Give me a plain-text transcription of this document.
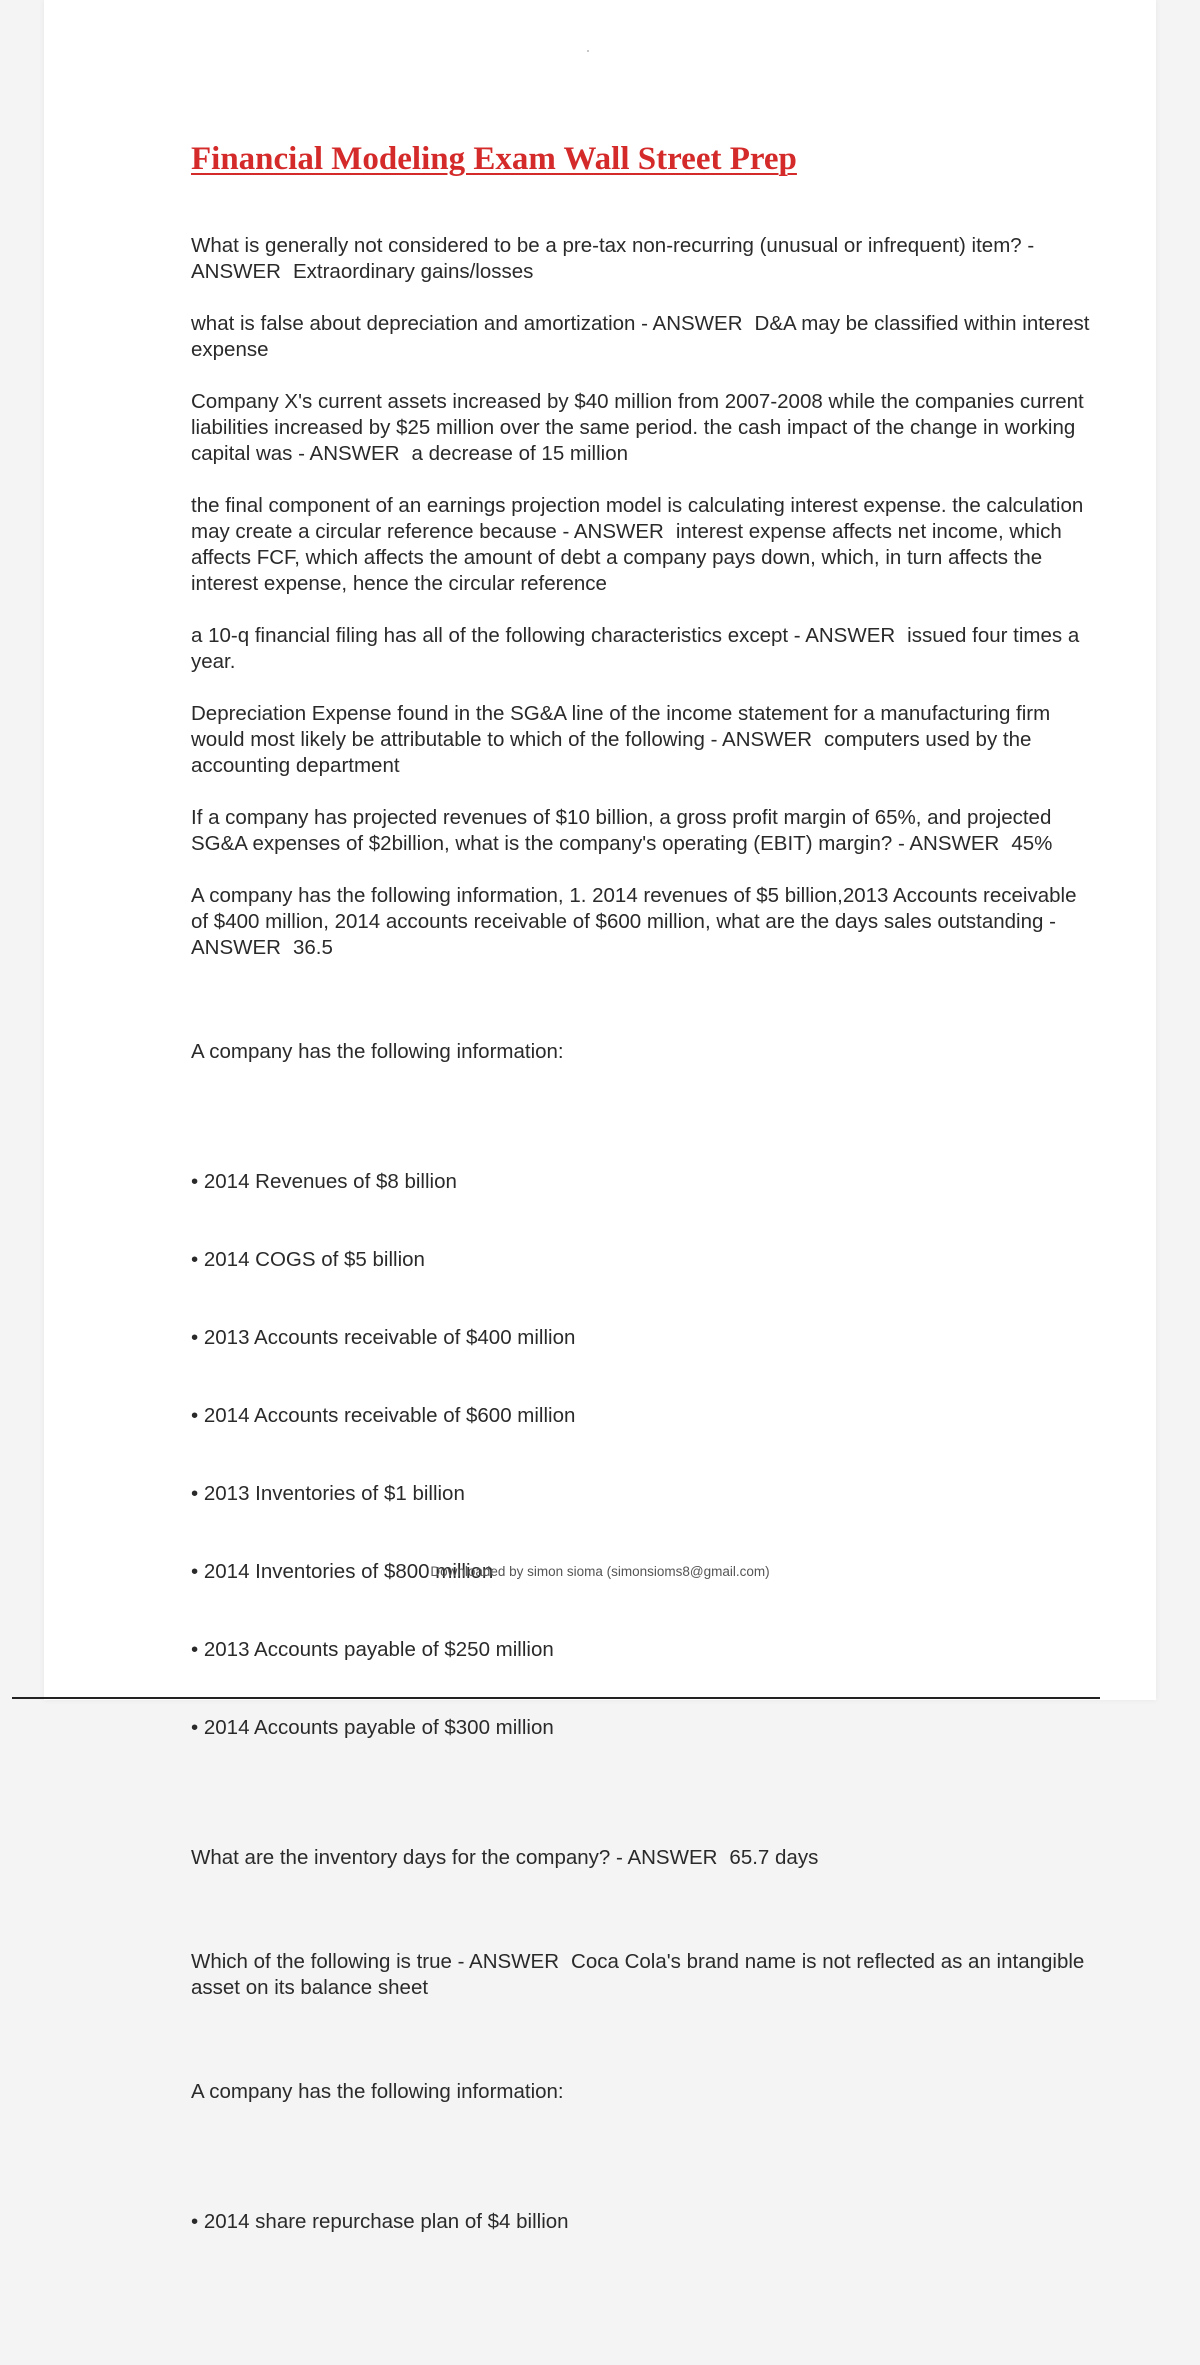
Financial Modeling Exam Wall Street Prep

What is generally not considered to be a pre-tax non-recurring (unusual or infrequent) item? - ANSWER Extraordinary gains/losses

what is false about depreciation and amortization - ANSWER D&A may be classified within interest expense

Company X's current assets increased by $40 million from 2007-2008 while the companies current liabilities increased by $25 million over the same period. the cash impact of the change in working capital was - ANSWER a decrease of 15 million

the final component of an earnings projection model is calculating interest expense. the calculation may create a circular reference because - ANSWER interest expense affects net income, which affects FCF, which affects the amount of debt a company pays down, which, in turn affects the interest expense, hence the circular reference

a 10-q financial filing has all of the following characteristics except - ANSWER issued four times a year.

Depreciation Expense found in the SG&A line of the income statement for a manufacturing firm would most likely be attributable to which of the following - ANSWER computers used by the accounting department

If a company has projected revenues of $10 billion, a gross profit margin of 65%, and projected SG&A expenses of $2billion, what is the company's operating (EBIT) margin? - ANSWER 45%

A company has the following information, 1. 2014 revenues of $5 billion,2013 Accounts receivable of $400 million, 2014 accounts receivable of $600 million, what are the days sales outstanding - ANSWER 36.5

A company has the following information:

• 2014 Revenues of $8 billion

• 2014 COGS of $5 billion

• 2013 Accounts receivable of $400 million

• 2014 Accounts receivable of $600 million

• 2013 Inventories of $1 billion

• 2014 Inventories of $800 million

• 2013 Accounts payable of $250 million

• 2014 Accounts payable of $300 million

What are the inventory days for the company? - ANSWER 65.7 days

Which of the following is true - ANSWER Coca Cola's brand name is not reflected as an intangible asset on its balance sheet

A company has the following information:

• 2014 share repurchase plan of $4 billion

Downloaded by simon sioma (simonsioms8@gmail.com)
